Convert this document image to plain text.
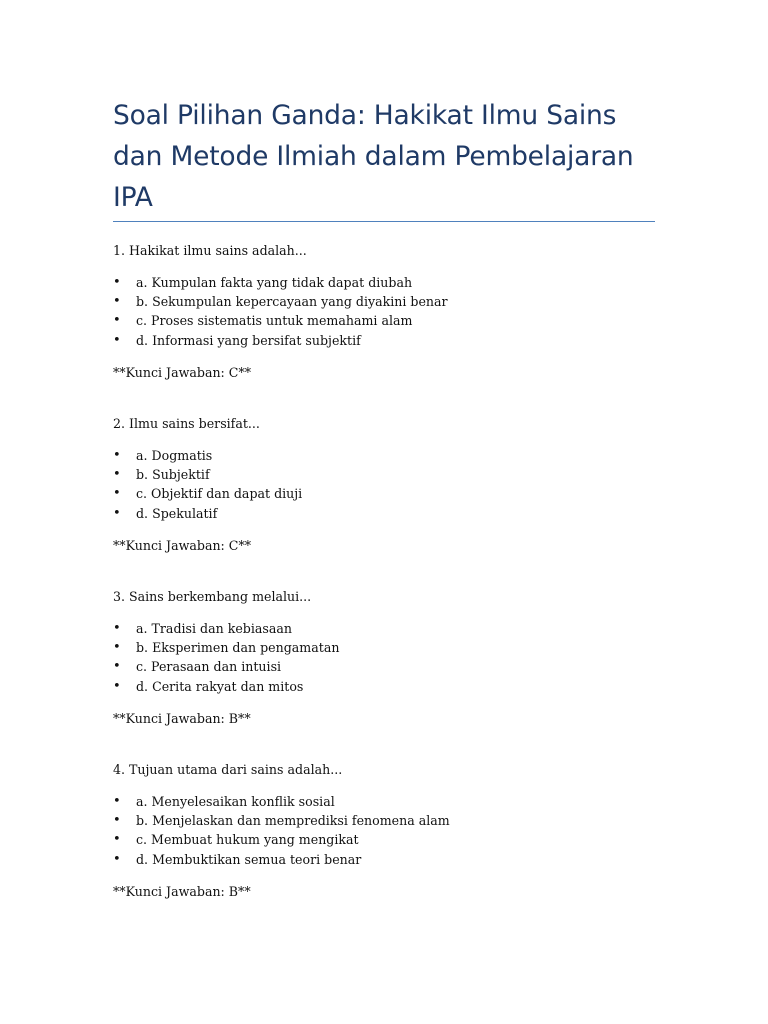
Soal Pilihan Ganda: Hakikat Ilmu Sains dan Metode Ilmiah dalam Pembelajaran IPA

1. Hakikat ilmu sains adalah...

• a. Kumpulan fakta yang tidak dapat diubah
• b. Sekumpulan kepercayaan yang diyakini benar
• c. Proses sistematis untuk memahami alam
• d. Informasi yang bersifat subjektif

**Kunci Jawaban: C**

2. Ilmu sains bersifat...

• a. Dogmatis
• b. Subjektif
• c. Objektif dan dapat diuji
• d. Spekulatif

**Kunci Jawaban: C**

3. Sains berkembang melalui...

• a. Tradisi dan kebiasaan
• b. Eksperimen dan pengamatan
• c. Perasaan dan intuisi
• d. Cerita rakyat dan mitos

**Kunci Jawaban: B**

4. Tujuan utama dari sains adalah...

• a. Menyelesaikan konflik sosial
• b. Menjelaskan dan memprediksi fenomena alam
• c. Membuat hukum yang mengikat
• d. Membuktikan semua teori benar

**Kunci Jawaban: B**
